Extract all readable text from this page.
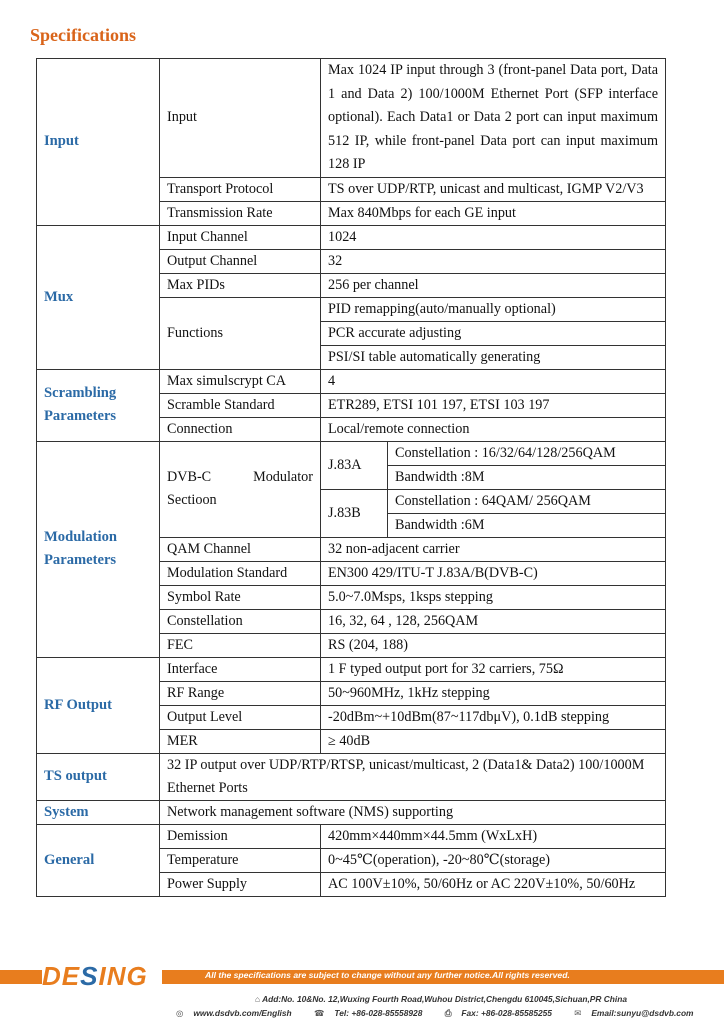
Specifications
Input	Input	Max 1024 IP input through 3 (front-panel Data port, Data 1 and Data 2) 100/1000M Ethernet Port (SFP interface optional). Each Data1 or Data 2 port can input maximum 512 IP, while front-panel Data port can input maximum 128 IP	
	Transport Protocol	TS over UDP/RTP, unicast and multicast, IGMP V2/V3	
	Transmission Rate	Max 840Mbps for each GE input	
Mux	Input Channel	1024	
	Output Channel	32	
	Max PIDs	256 per channel	
	Functions	PID remapping(auto/manually optional)	
		PCR accurate adjusting	
		PSI/SI table automatically generating	
Scrambling Parameters	Max simulscrypt CA	4	
	Scramble Standard	ETR289, ETSI 101 197, ETSI 103 197	
	Connection	Local/remote connection	
Modulation Parameters	DVB-C Modulator Sectioon	J.83A	Constellation : 16/32/64/128/256QAM
			Bandwidth :8M
		J.83B	Constellation : 64QAM/ 256QAM
			Bandwidth :6M
	QAM Channel	32 non-adjacent carrier	
	Modulation Standard	EN300 429/ITU-T J.83A/B(DVB-C)	
	Symbol Rate	5.0~7.0Msps, 1ksps stepping	
	Constellation	16, 32, 64 , 128, 256QAM	
	FEC	RS (204, 188)	
RF Output	Interface	1 F typed output port for 32 carriers, 75Ω	
	RF Range	50~960MHz, 1kHz stepping	
	Output Level	-20dBm~+10dBm(87~117dbμV), 0.1dB stepping	
	MER	≥ 40dB	
TS output	32 IP output over UDP/RTP/RTSP, unicast/multicast, 2 (Data1& Data2) 100/1000M Ethernet Ports		
System	Network management software (NMS) supporting		
General	Demission	420mm×440mm×44.5mm (WxLxH)	
	Temperature	0~45℃(operation), -20~80℃(storage)	
	Power Supply	AC 100V±10%, 50/60Hz or AC 220V±10%, 50/60Hz	
DESING	All the specifications are subject to change without any further notice.All rights reserved.
⌂ Add:No. 10&No. 12,Wuxing Fourth Road,Wuhou District,Chengdu 610045,Sichuan,PR China
◎ www.dsdvb.com/English	☎ Tel: +86-028-85558928	⎙ Fax: +86-028-85585255	✉ Email:sunyu@dsdvb.com
